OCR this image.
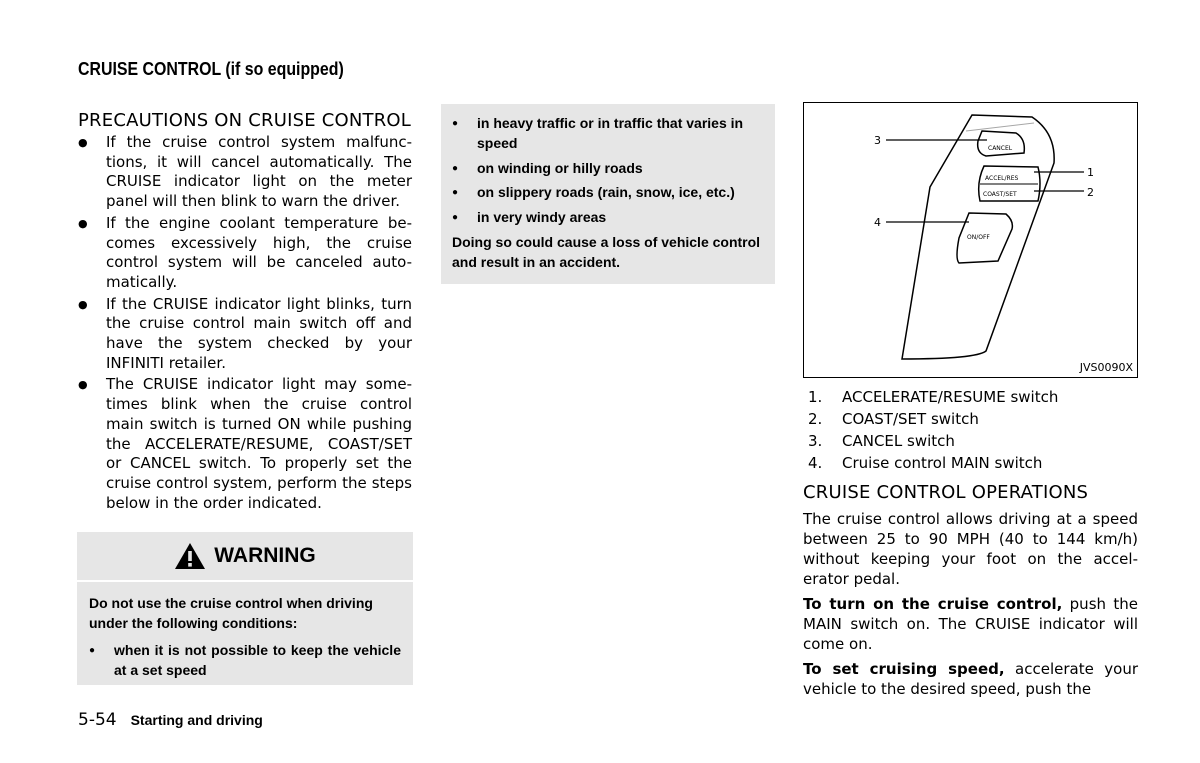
CRUISE CONTROL (if so equipped)
PRECAUTIONS ON CRUISE CONTROL
● If the cruise control system malfunc- tions, it will cancel automatically. The CRUISE indicator light on the meter panel will then blink to warn the driver.
● If the engine coolant temperature be- comes excessively high, the cruise control system will be canceled auto- matically.
● If the CRUISE indicator light blinks, turn the cruise control main switch off and have the system checked by your INFINITI retailer.
● The CRUISE indicator light may some- times blink when the cruise control main switch is turned ON while pushing the ACCELERATE/RESUME, COAST/SET or CANCEL switch. To properly set the cruise control system, perform the steps below in the order indicated.
WARNING

Do not use the cruise control when driving under the following conditions:

● when it is not possible to keep the vehicle at a set speed
● in heavy traffic or in traffic that varies in speed
● on winding or hilly roads
● on slippery roads (rain, snow, ice, etc.)
● in very windy areas

Doing so could cause a loss of vehicle control and result in an accident.

CANCEL
ACCEL/RES
COAST/SET
ON/OFF
1
2
3
4
JVS0090X
1. ACCELERATE/RESUME switch
2. COAST/SET switch
3. CANCEL switch
4. Cruise control MAIN switch
CRUISE CONTROL OPERATIONS

The cruise control allows driving at a speed between 25 to 90 MPH (40 to 144 km/h) without keeping your foot on the accel- erator pedal.

To turn on the cruise control, push the MAIN switch on. The CRUISE indicator will come on.

To set cruising speed, accelerate your vehicle to the desired speed, push the

5-54 Starting and driving
